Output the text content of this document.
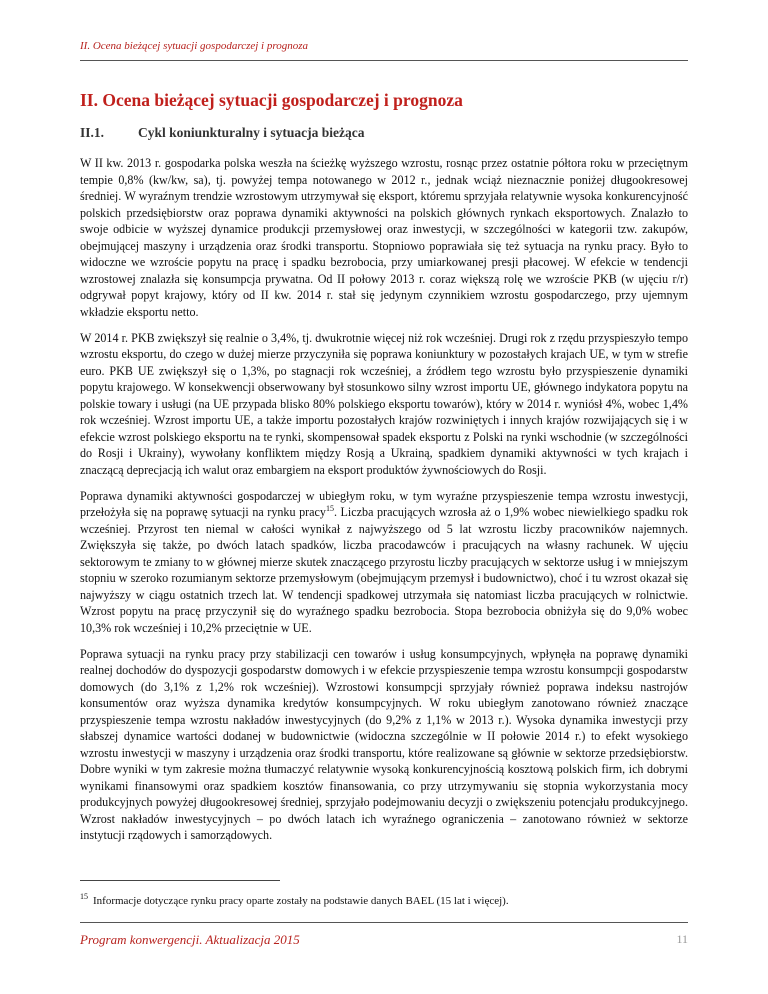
II. Ocena bieżącej sytuacji gospodarczej i prognoza
II. Ocena bieżącej sytuacji gospodarczej i prognoza
II.1.	Cykl koniunkturalny i sytuacja bieżąca

W II kw. 2013 r. gospodarka polska weszła na ścieżkę wyższego wzrostu, rosnąc przez ostatnie półtora roku w przeciętnym tempie 0,8% (kw/kw, sa), tj. powyżej tempa notowanego w 2012 r., jednak wciąż nieznacznie poniżej długookresowej średniej. W wyraźnym trendzie wzrostowym utrzymywał się eksport, któremu sprzyjała relatywnie wysoka konkurencyjność polskich przedsiębiorstw oraz poprawa dynamiki aktywności na polskich głównych rynkach eksportowych. Znalazło to swoje odbicie w wyższej dynamice produkcji przemysłowej oraz inwestycji, w szczególności w kategorii tzw. zakupów, obejmującej maszyny i urządzenia oraz środki transportu. Stopniowo poprawiała się też sytuacja na rynku pracy. Było to widoczne we wzroście popytu na pracę i spadku bezrobocia, przy umiarkowanej presji płacowej. W efekcie w tendencji wzrostowej znalazła się konsumpcja prywatna. Od II połowy 2013 r. coraz większą rolę we wzroście PKB (w ujęciu r/r) odgrywał popyt krajowy, który od II kw. 2014 r. stał się jedynym czynnikiem wzrostu gospodarczego, przy ujemnym wkładzie eksportu netto.

W 2014 r. PKB zwiększył się realnie o 3,4%, tj. dwukrotnie więcej niż rok wcześniej. Drugi rok z rzędu przyspieszyło tempo wzrostu eksportu, do czego w dużej mierze przyczyniła się poprawa koniunktury w pozostałych krajach UE, w tym w strefie euro. PKB UE zwiększył się o 1,3%, po stagnacji rok wcześniej, a źródłem tego wzrostu było przyspieszenie dynamiki popytu krajowego. W konsekwencji obserwowany był stosunkowo silny wzrost importu UE, głównego indykatora popytu na polskie towary i usługi (na UE przypada blisko 80% polskiego eksportu towarów), który w 2014 r. wyniósł 4%, wobec 1,4% rok wcześniej. Wzrost importu UE, a także importu pozostałych krajów rozwiniętych i innych krajów rozwijających się i w efekcie wzrost polskiego eksportu na te rynki, skompensował spadek eksportu z Polski na rynki wschodnie (w szczególności do Rosji i Ukrainy), wywołany konfliktem między Rosją a Ukrainą, spadkiem dynamiki aktywności w tych krajach i znaczącą deprecjacją ich walut oraz embargiem na eksport produktów żywnościowych do Rosji.

Poprawa dynamiki aktywności gospodarczej w ubiegłym roku, w tym wyraźne przyspieszenie tempa wzrostu inwestycji, przełożyła się na poprawę sytuacji na rynku pracy$^{15}$. Liczba pracujących wzrosła aż o 1,9% wobec niewielkiego spadku rok wcześniej. Przyrost ten niemal w całości wynikał z najwyższego od 5 lat wzrostu liczby pracowników najemnych. Zwiększyła się także, po dwóch latach spadków, liczba pracodawców i pracujących na własny rachunek. W ujęciu sektorowym te zmiany to w głównej mierze skutek znaczącego przyrostu liczby pracujących w sektorze usług i w mniejszym stopniu w szeroko rozumianym sektorze przemysłowym (obejmującym przemysł i budownictwo), choć i tu wzrost okazał się najwyższy w ciągu ostatnich trzech lat. W tendencji spadkowej utrzymała się natomiast liczba pracujących w rolnictwie. Wzrost popytu na pracę przyczynił się do wyraźnego spadku bezrobocia. Stopa bezrobocia obniżyła się do 9,0% wobec 10,3% rok wcześniej i 10,2% przeciętnie w UE.

Poprawa sytuacji na rynku pracy przy stabilizacji cen towarów i usług konsumpcyjnych, wpłynęła na poprawę dynamiki realnej dochodów do dyspozycji gospodarstw domowych i w efekcie przyspieszenie tempa wzrostu konsumpcji gospodarstw domowych (do 3,1% z 1,2% rok wcześniej). Wzrostowi konsumpcji sprzyjały również poprawa indeksu nastrojów konsumentów oraz wyższa dynamika kredytów konsumpcyjnych. W roku ubiegłym zanotowano również znaczące przyspieszenie tempa wzrostu nakładów inwestycyjnych (do 9,2% z 1,1% w 2013 r.). Wysoka dynamika inwestycji przy słabszej dynamice wartości dodanej w budownictwie (widoczna szczególnie w II połowie 2014 r.) to efekt wysokiego wzrostu inwestycji w maszyny i urządzenia oraz środki transportu, które realizowane są głównie w sektorze przedsiębiorstw. Dobre wyniki w tym zakresie można tłumaczyć relatywnie wysoką konkurencyjnością kosztową polskich firm, ich dobrymi wynikami finansowymi oraz spadkiem kosztów finansowania, co przy utrzymywaniu się stopnia wykorzystania mocy produkcyjnych powyżej długookresowej średniej, sprzyjało podejmowaniu decyzji o zwiększeniu potencjału produkcyjnego. Wzrost nakładów inwestycyjnych – po dwóch latach ich wyraźnego ograniczenia – zanotowano również w sektorze instytucji rządowych i samorządowych.

$^{15}$ Informacje dotyczące rynku pracy oparte zostały na podstawie danych BAEL (15 lat i więcej).
Program konwergencji. Aktualizacja 2015	11
